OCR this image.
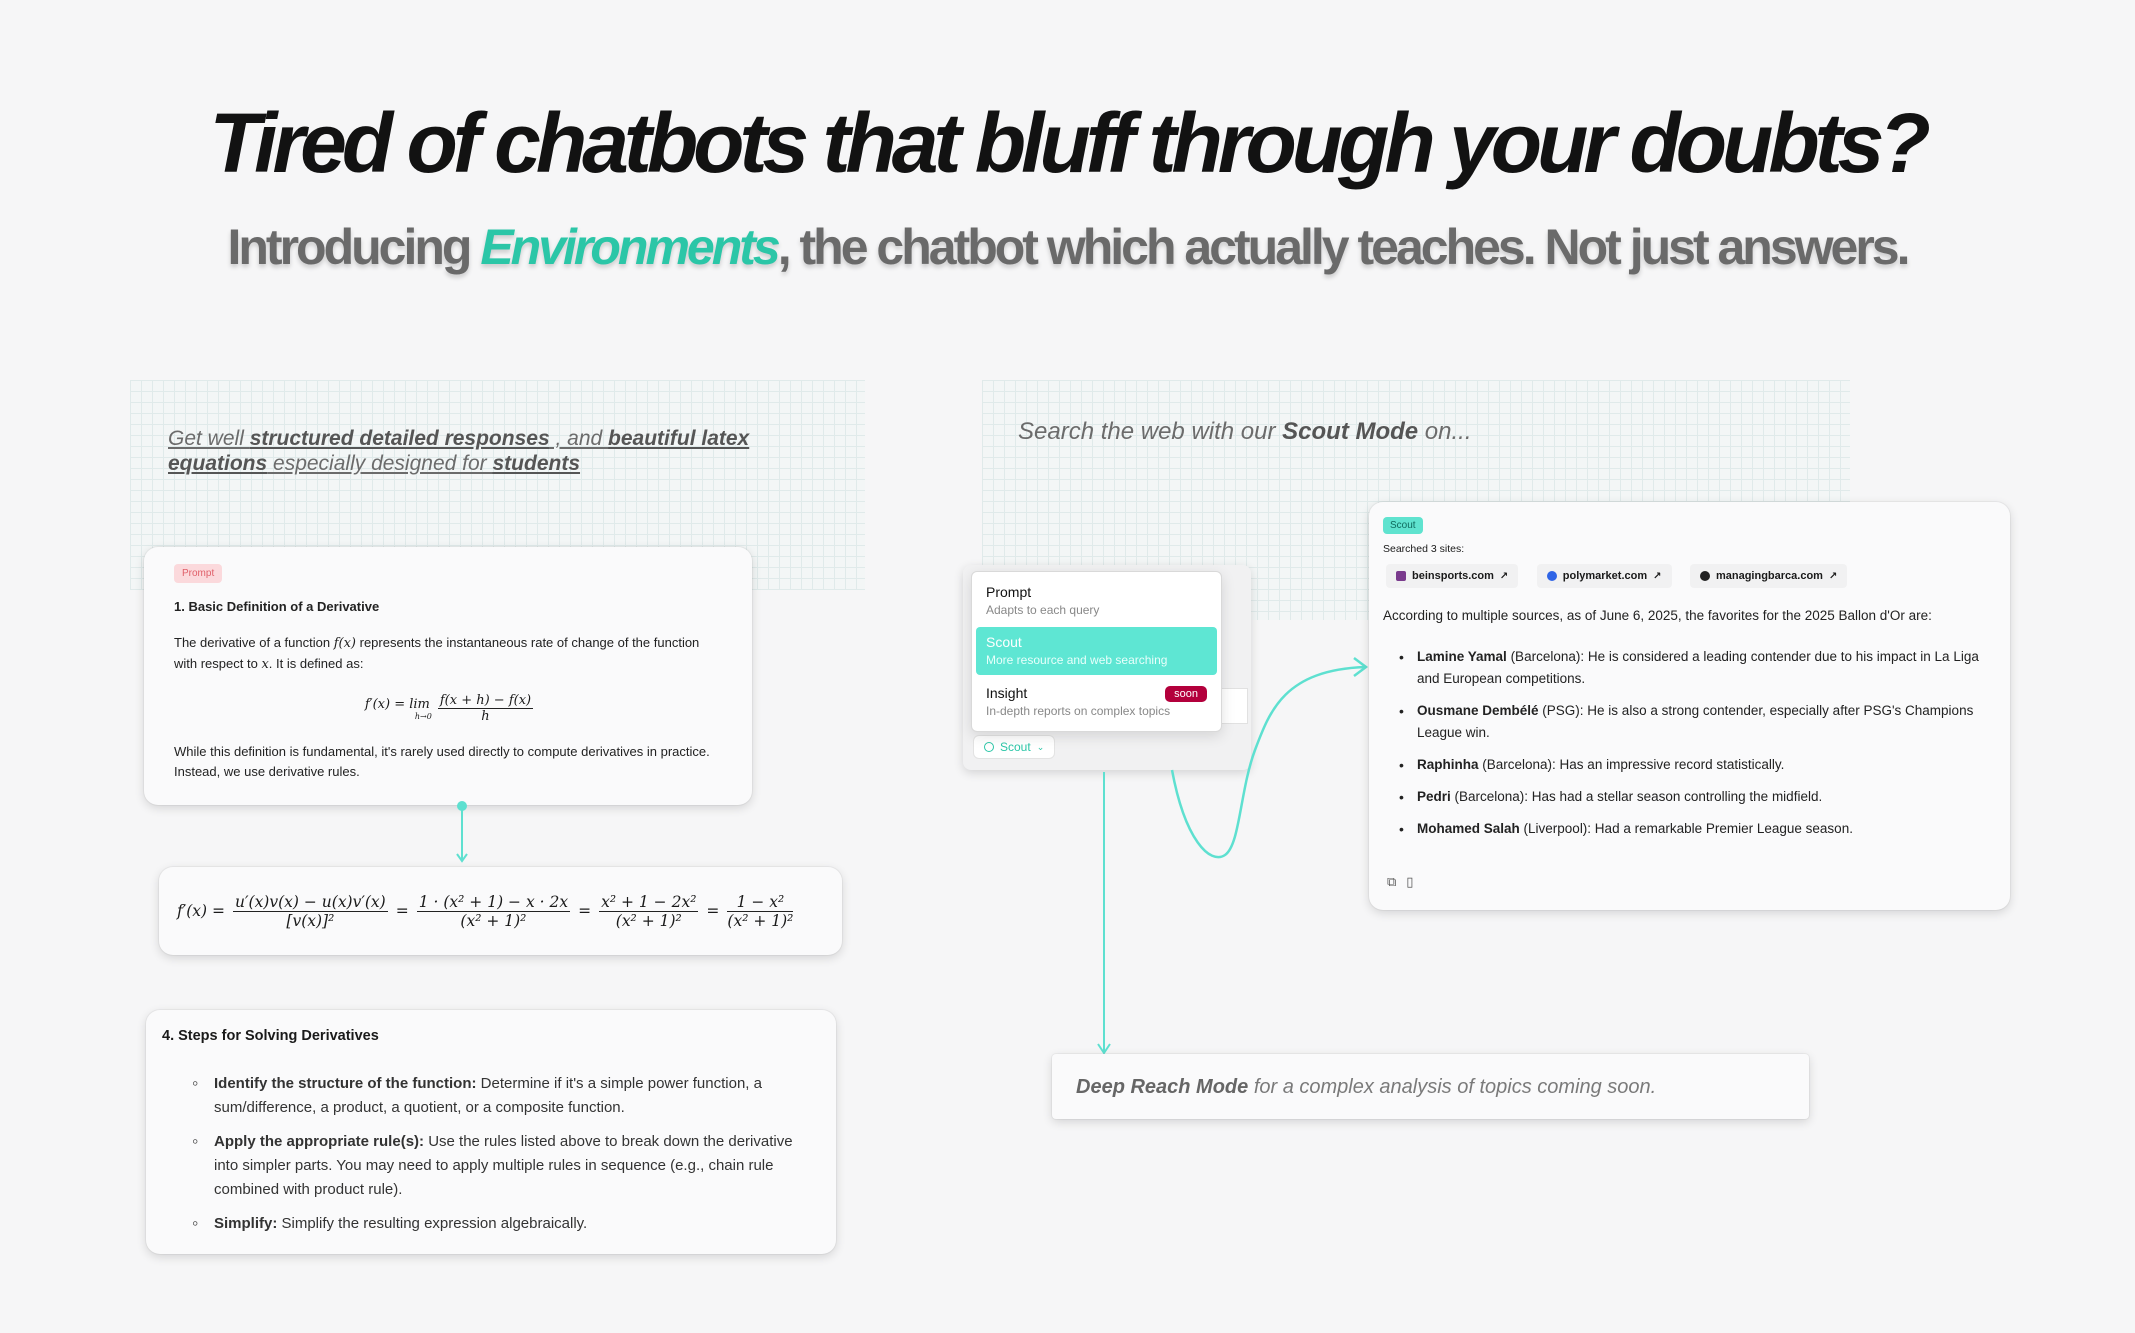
Tired of chatbots that bluff through your doubts?
Introducing Environments, the chatbot which actually teaches. Not just answers.
Get well structured detailed responses , and beautiful latex
equations especially designed for students
Prompt
1. Basic Definition of a Derivative
The derivative of a function f(x) represents the instantaneous rate of change of the function
with respect to x. It is defined as:
f′(x) = lim
$h\to 0 \frac{f(x + h) - f(x)}{h}$
While this definition is fundamental, it's rarely used directly to compute derivatives in practice. Instead, we use derivative rules.
$f'(x) = \frac{u'(x)v(x) - u(x)v'(x)}{\text{[v(x)]²}} = \frac{\text{1 · (x² + 1) − x · 2x}}{\text{(x² + 1)²}} = \frac{\text{x² + 1 − 2x²}}{\text{(x² + 1)²}} = \frac{\text{1 − x²}}{\text{(x² + 1)²}}$
4. Steps for Solving Derivatives
◦ Identify the structure of the function: Determine if it's a simple power function, a sum/difference, a product, a quotient, or a composite function.
◦ Apply the appropriate rule(s): Use the rules listed above to break down the derivative into simpler parts. You may need to apply multiple rules in sequence (e.g., chain rule combined with product rule).
◦ Simplify: Simplify the resulting expression algebraically.
Search the web with our Scout Mode on...
Scout ⌄
Prompt
Adapts to each query
Scout
More resource and web searching
Insight	soon
In-depth reports on complex topics
Scout
Searched 3 sites:
beinsports.com ↗
	polymarket.com ↗
	managingbarca.com ↗
According to multiple sources, as of June 6, 2025, the favorites for the 2025 Ballon d'Or are:
• Lamine Yamal (Barcelona): He is considered a leading contender due to his impact in La Liga and European competitions.
• Ousmane Dembélé (PSG): He is also a strong contender, especially after PSG's Champions League win.
• Raphinha (Barcelona): Has an impressive record statistically.
• Pedri (Barcelona): Has had a stellar season controlling the midfield.
• Mohamed Salah (Liverpool): Had a remarkable Premier League season.
⧉ ▯
Deep Reach Mode for a complex analysis of topics coming soon.
